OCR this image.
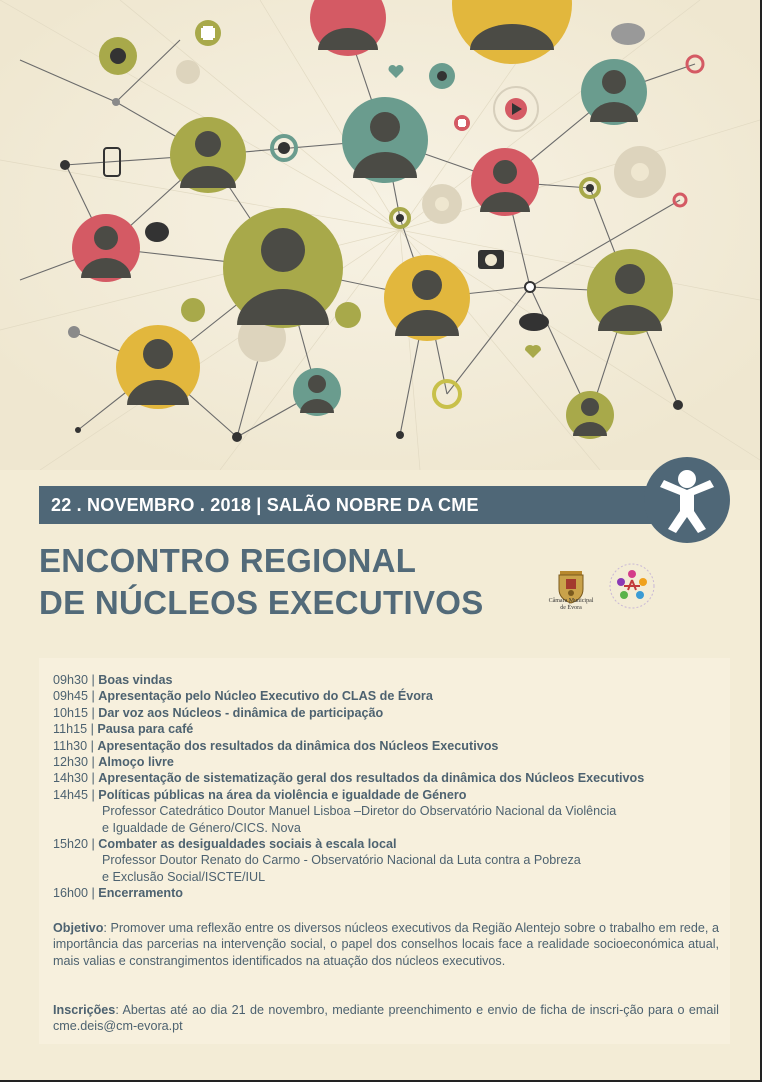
22 . NOVEMBRO . 2018 | SALÃO NOBRE DA CME
ENCONTRO REGIONAL
DE NÚCLEOS EXECUTIVOS	Câmara Municipal
de Évora
09h30 | Boas vindas
09h45 | Apresentação pelo Núcleo Executivo do CLAS de Évora
10h15 | Dar voz aos Núcleos - dinâmica de participação
11h15 | Pausa para café
11h30 | Apresentação dos resultados da dinâmica dos Núcleos Executivos
12h30 | Almoço livre
14h30 | Apresentação de sistematização geral dos resultados da dinâmica dos Núcleos Executivos
14h45 | Políticas públicas na área da violência e igualdade de Género
Professor Catedrático Doutor Manuel Lisboa –Diretor do Observatório Nacional da Violência
e Igualdade de Género/CICS. Nova
15h20 | Combater as desigualdades sociais à escala local
Professor Doutor Renato do Carmo - Observatório Nacional da Luta contra a Pobreza
e Exclusão Social/ISCTE/IUL
16h00 | Encerramento
Objetivo: Promover uma reflexão entre os diversos núcleos executivos da Região Alentejo sobre o trabalho em rede, a importância das parcerias na intervenção social, o papel dos conselhos locais face a realidade socioeconómica atual, mais valias e constrangimentos identificados na atuação dos núcleos executivos.
Inscrições: Abertas até ao dia 21 de novembro, mediante preenchimento e envio de ficha de inscri-ção para o email cme.deis@cm-evora.pt
